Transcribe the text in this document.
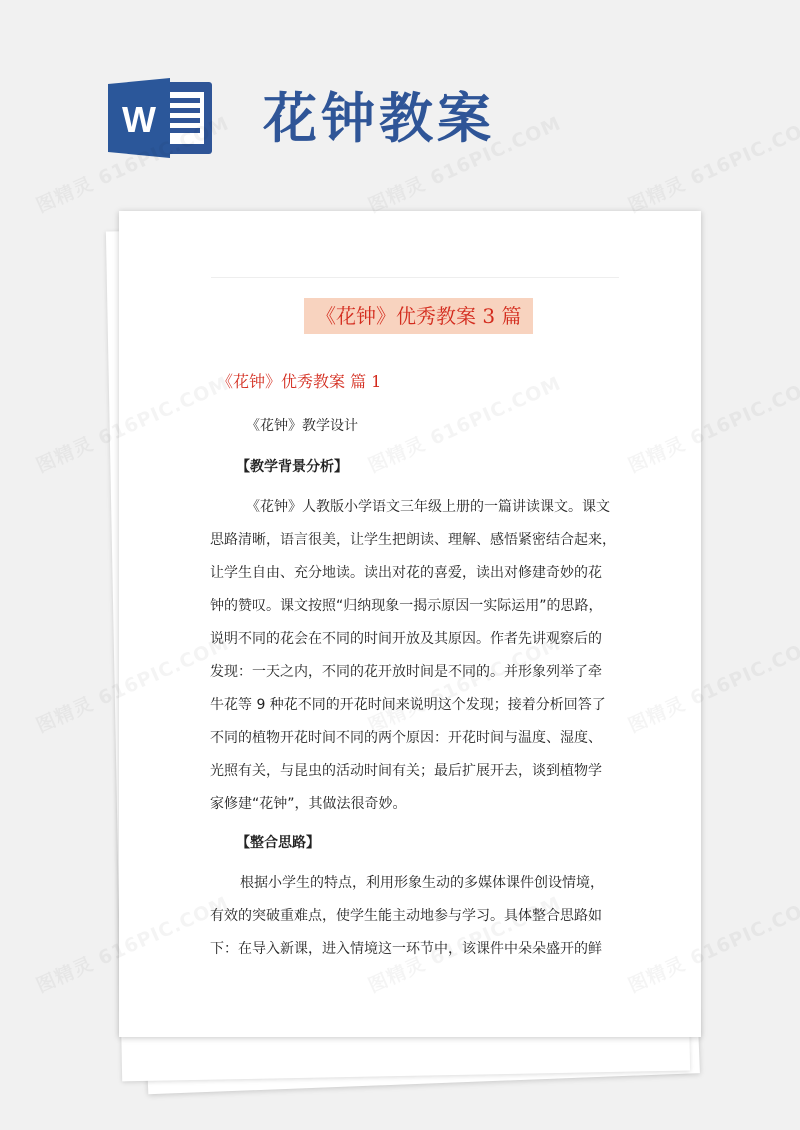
W 花钟教案
《花钟》优秀教案 3 篇
《花钟》优秀教案 篇 1
《花钟》教学设计
【教学背景分析】
《花钟》人教版小学语文三年级上册的一篇讲读课文。课文
思路清晰，语言很美，让学生把朗读、理解、感悟紧密结合起来，
让学生自由、充分地读。读出对花的喜爱，读出对修建奇妙的花
钟的赞叹。课文按照“归纳现象一揭示原因一实际运用”的思路，
说明不同的花会在不同的时间开放及其原因。作者先讲观察后的
发现：一天之内，不同的花开放时间是不同的。并形象列举了牵
牛花等 9 种花不同的开花时间来说明这个发现；接着分析回答了
不同的植物开花时间不同的两个原因：开花时间与温度、湿度、
光照有关，与昆虫的活动时间有关；最后扩展开去，谈到植物学
家修建“花钟”，其做法很奇妙。
【整合思路】
根据小学生的特点，利用形象生动的多媒体课件创设情境，
有效的突破重难点，使学生能主动地参与学习。具体整合思路如
下：在导入新课，进入情境这一环节中，该课件中朵朵盛开的鲜
